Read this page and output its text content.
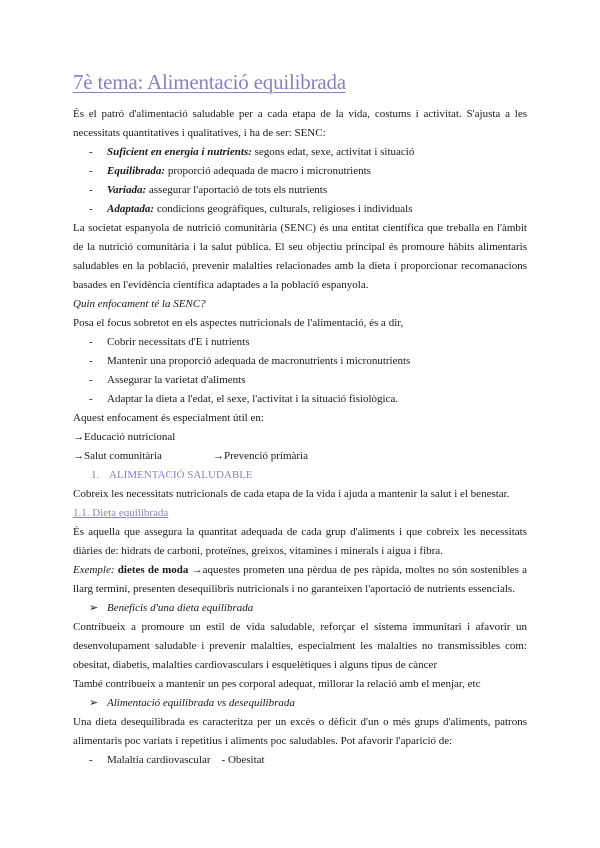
7è tema: Alimentació equilibrada

És el patró d'alimentació saludable per a cada etapa de la vida, costums i activitat. S'ajusta a les necessitats quantitatives i qualitatives, i ha de ser: SENC:

- Suficient en energia i nutrients: segons edat, sexe, activitat i situació
- Equilibrada: proporció adequada de macro i micronutrients
- Variada: assegurar l'aportació de tots els nutrients
- Adaptada: condicions geogràfiques, culturals, religioses i individuals

La societat espanyola de nutrició comunitària (SENC) és una entitat científica que treballa en l'àmbit de la nutrició comunitària i la salut pública. El seu objectiu principal és promoure hàbits alimentaris saludables en la població, prevenir malalties relacionades amb la dieta i proporcionar recomanacions basades en l'evidència científica adaptades a la població espanyola.

Quin enfocament té la SENC?
Posa el focus sobretot en els aspectes nutricionals de l'alimentació, és a dir,
- Cobrir necessitats d'E i nutrients
- Mantenir una proporció adequada de macronutrients i micronutrients
- Assegurar la varietat d'aliments
- Adaptar la dieta a l'edat, el sexe, l'activitat i la situació fisiològica.
Aquest enfocament és especialment útil en:
→Educació nutricional
→Salut comunitària	→Prevenció primària
1. ALIMENTACIÓ SALUDABLE
Cobreix les necessitats nutricionals de cada etapa de la vida i ajuda a mantenir la salut i el benestar.
1.1. Dieta equilibrada

És aquella que assegura la quantitat adequada de cada grup d'aliments i que cobreix les necessitats diàries de: hidrats de carboni, proteïnes, greixos, vitamines i minerals i aigua i fibra.

Exemple: dietes de moda →aquestes prometen una pèrdua de pes ràpida, moltes no són sostenibles a llarg termini, presenten desequilibris nutricionals i no garanteixen l'aportació de nutrients essencials.

➢ Beneficis d'una dieta equilibrada

Contribueix a promoure un estil de vida saludable, reforçar el sistema immunitari i afavorir un desenvolupament saludable i prevenir malalties, especialment les malalties no transmissibles com: obesitat, diabetis, malalties cardiovasculars i esquelètiques i alguns tipus de càncer

També contribueix a mantenir un pes corporal adequat, millorar la relació amb el menjar, etc
➢ Alimentació equilibrada vs desequilibrada

Una dieta desequilibrada es caracteritza per un excés o dèficit d'un o més grups d'aliments, patrons alimentaris poc variats i repetitius i aliments poc saludables. Pot afavorir l'aparició de:

- Malaltia cardiovascular    - Obesitat
